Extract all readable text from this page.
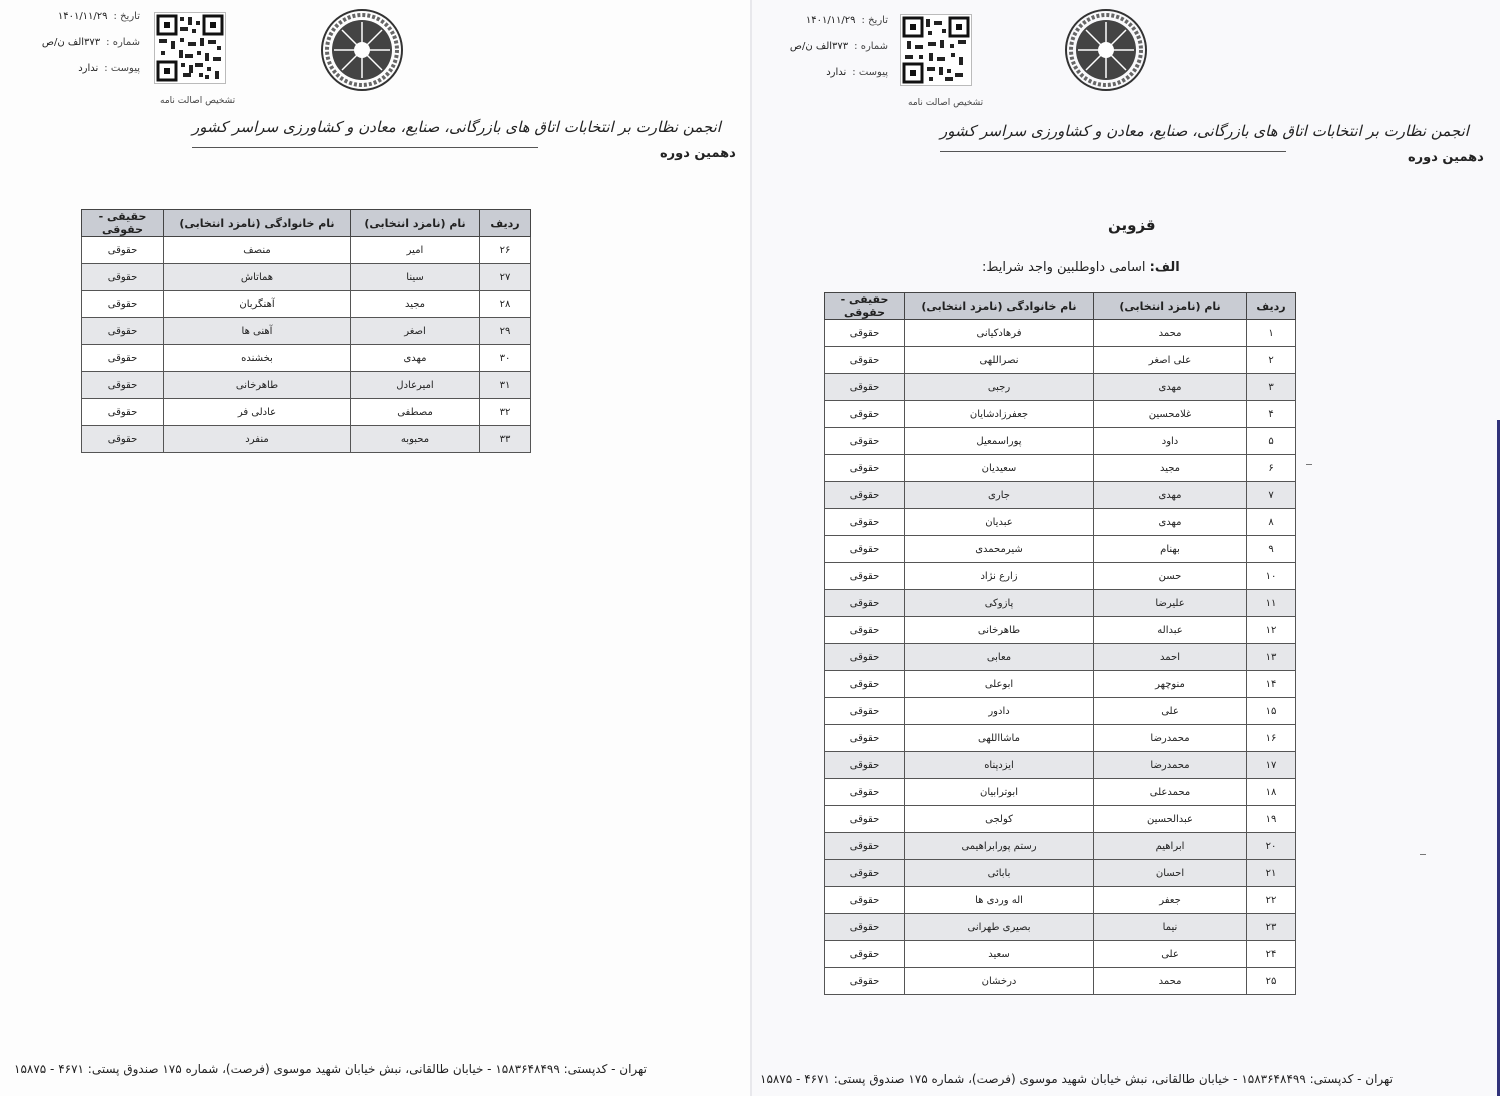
تاریخ :
۱۴۰۱/۱۱/۲۹
شماره :
۳۷۳الف ن/ص
پیوست :
ندارد
تشخیص اصالت نامه
انجمن نظارت بر انتخابات اتاق های بازرگانی، صنایع، معادن و کشاورزی سراسر کشور
دهمین دوره
ردیف	نام (نامزد انتخابی)	نام خانوادگی (نامزد انتخابی)	حقیقی - حقوقی
۲۶	امیر	منصف	حقوقی
۲۷	سینا	هماتاش	حقوقی
۲۸	مجید	آهنگربان	حقوقی
۲۹	اصغر	آهنی ها	حقوقی
۳۰	مهدی	بخشنده	حقوقی
۳۱	امیرعادل	طاهرخانی	حقوقی
۳۲	مصطفی	عادلی فر	حقوقی
۳۳	محبوبه	منفرد	حقوقی
تهران - کدپستی: ۱۵۸۳۶۴۸۴۹۹ - خیابان طالقانی، نبش خیابان شهید موسوی (فرصت)، شماره ۱۷۵ صندوق پستی: ۴۶۷۱ - ۱۵۸۷۵
تاریخ :
۱۴۰۱/۱۱/۲۹
شماره :
۳۷۳الف ن/ص
پیوست :
ندارد
تشخیص اصالت نامه
انجمن نظارت بر انتخابات اتاق های بازرگانی، صنایع، معادن و کشاورزی سراسر کشور
دهمین دوره
قزوین
الف: اسامی داوطلبین واجد شرایط:
ردیف	نام (نامزد انتخابی)	نام خانوادگی (نامزد انتخابی)	حقیقی - حقوقی
۱	محمد	فرهادکیانی	حقوقی
۲	علی اصغر	نصراللهی	حقوقی
۳	مهدی	رجبی	حقوقی
۴	غلامحسین	جعفرزادشایان	حقوقی
۵	داود	پوراسمعیل	حقوقی
۶	مجید	سعیدیان	حقوقی
۷	مهدی	جاری	حقوقی
۸	مهدی	عبدیان	حقوقی
۹	بهنام	شیرمحمدی	حقوقی
۱۰	حسن	زارع نژاد	حقوقی
۱۱	علیرضا	پازوکی	حقوقی
۱۲	عبداله	طاهرخانی	حقوقی
۱۳	احمد	معابی	حقوقی
۱۴	منوچهر	ابوعلی	حقوقی
۱۵	علی	دادور	حقوقی
۱۶	محمدرضا	ماشااللهی	حقوقی
۱۷	محمدرضا	ایزدپناه	حقوقی
۱۸	محمدعلی	ابوترابیان	حقوقی
۱۹	عبدالحسین	کولجی	حقوقی
۲۰	ابراهیم	رستم پورابراهیمی	حقوقی
۲۱	احسان	بابائی	حقوقی
۲۲	جعفر	اله وردی ها	حقوقی
۲۳	نیما	بصیری طهرانی	حقوقی
۲۴	علی	سعید	حقوقی
۲۵	محمد	درخشان	حقوقی
تهران - کدپستی: ۱۵۸۳۶۴۸۴۹۹ - خیابان طالقانی، نبش خیابان شهید موسوی (فرصت)، شماره ۱۷۵ صندوق پستی: ۴۶۷۱ - ۱۵۸۷۵
